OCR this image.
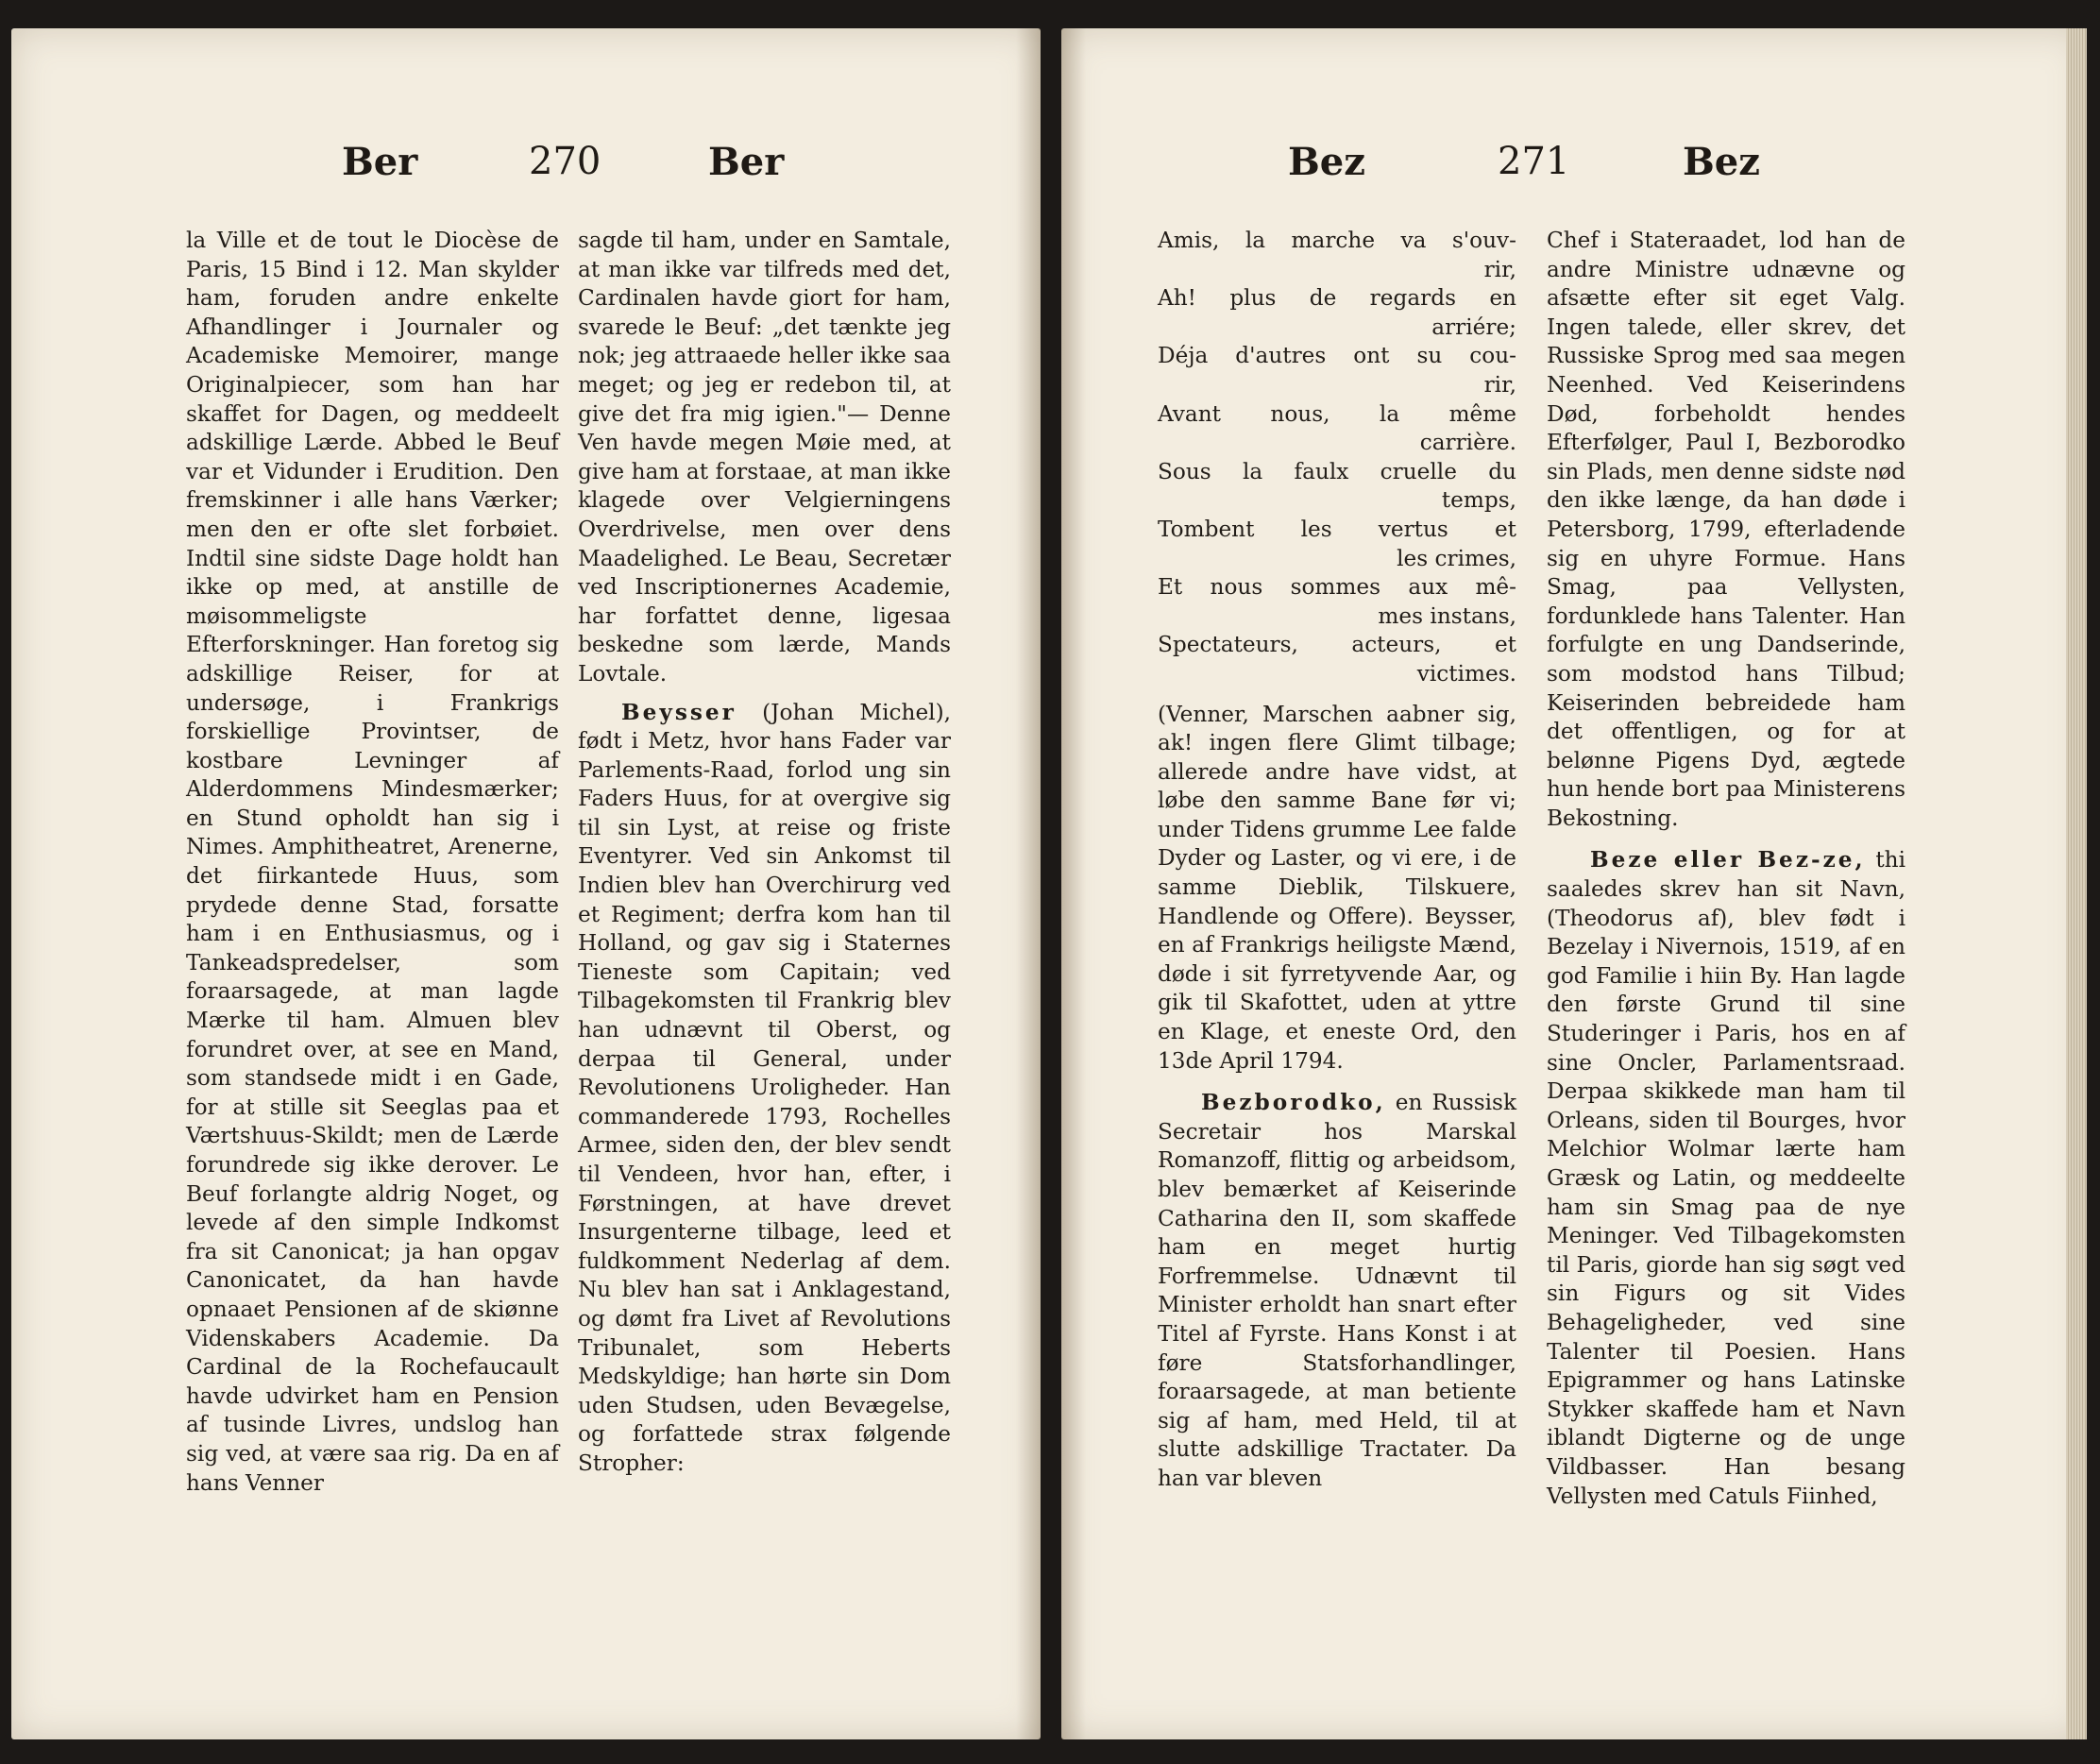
Ber	270	Ber

la Ville et de tout le Diocèse de Paris, 15 Bind i 12. Man skylder ham, foruden andre enkelte Afhandlinger i Journaler og Academiske Memoirer, mange Originalpiecer, som han har skaffet for Dagen, og meddeelt adskillige Lærde. Abbed le Beuf var et Vidunder i Erudition. Den fremskinner i alle hans Værker; men den er ofte slet forbøiet. Indtil sine sidste Dage holdt han ikke op med, at anstille de møisommeligste Efterforskninger. Han foretog sig adskillige Reiser, for at undersøge, i Frankrigs forskiellige Provintser, de kostbare Levninger af Alderdommens Mindesmærker; en Stund opholdt han sig i Nimes. Amphitheatret, Arenerne, det fiirkantede Huus, som prydede denne Stad, forsatte ham i en Enthusiasmus, og i Tankeadspredelser, som foraarsagede, at man lagde Mærke til ham. Almuen blev forundret over, at see en Mand, som standsede midt i en Gade, for at stille sit Seeglas paa et Værtshuus-Skildt; men de Lærde forundrede sig ikke derover. Le Beuf forlangte aldrig Noget, og levede af den simple Indkomst fra sit Canonicat; ja han opgav Canonicatet, da han havde opnaaet Pensionen af de skiønne Videnskabers Academie. Da Cardinal de la Rochefaucault havde udvirket ham en Pension af tusinde Livres, undslog han sig ved, at være saa rig. Da en af hans Venner

sagde til ham, under en Samtale, at man ikke var tilfreds med det, Cardinalen havde giort for ham, svarede le Beuf: „det tænkte jeg nok; jeg attraaede heller ikke saa meget; og jeg er redebon til, at give det fra mig igien."— Denne Ven havde megen Møie med, at give ham at forstaae, at man ikke klagede over Velgierningens Overdrivelse, men over dens Maadelighed. Le Beau, Secretær ved Inscriptionernes Academie, har forfattet denne, ligesaa beskedne som lærde, Mands Lovtale.

Beysser (Johan Michel), født i Metz, hvor hans Fader var Parlements-Raad, forlod ung sin Faders Huus, for at overgive sig til sin Lyst, at reise og friste Eventyrer. Ved sin Ankomst til Indien blev han Overchirurg ved et Regiment; derfra kom han til Holland, og gav sig i Staternes Tieneste som Capitain; ved Tilbagekomsten til Frankrig blev han udnævnt til Oberst, og derpaa til General, under Revolutionens Uroligheder. Han commanderede 1793, Rochelles Armee, siden den, der blev sendt til Vendeen, hvor han, efter, i Førstningen, at have drevet Insurgenterne tilbage, leed et fuldkomment Nederlag af dem. Nu blev han sat i Anklagestand, og dømt fra Livet af Revolutions Tribunalet, som Heberts Medskyldige; han hørte sin Dom uden Studsen, uden Bevægelse, og forfattede strax følgende Stropher:

Bez	271	Bez
Amis, la marche va s'ouv-
rir,
Ah! plus de regards en
arriére;
Déja d'autres ont su cou-
rir,
Avant nous, la même
carrière.
Sous la faulx cruelle du
temps,
Tombent les vertus et
les crimes,
Et nous sommes aux mê-
mes instans,
Spectateurs, acteurs, et
victimes.

(Venner, Marschen aabner sig, ak! ingen flere Glimt tilbage; allerede andre have vidst, at løbe den samme Bane før vi; under Tidens grumme Lee falde Dyder og Laster, og vi ere, i de samme Dieblik, Tilskuere, Handlende og Offere). Beysser, en af Frankrigs heiligste Mænd, døde i sit fyrretyvende Aar, og gik til Skafottet, uden at yttre en Klage, et eneste Ord, den 13de April 1794.

Bezborodko, en Russisk Secretair hos Marskal Romanzoff, flittig og arbeidsom, blev bemærket af Keiserinde Catharina den II, som skaffede ham en meget hurtig Forfremmelse. Udnævnt til Minister erholdt han snart efter Titel af Fyrste. Hans Konst i at føre Statsforhandlinger, foraarsagede, at man betiente sig af ham, med Held, til at slutte adskillige Tractater. Da han var bleven

Chef i Stateraadet, lod han de andre Ministre udnævne og afsætte efter sit eget Valg. Ingen talede, eller skrev, det Russiske Sprog med saa megen Neenhed. Ved Keiserindens Død, forbeholdt hendes Efterfølger, Paul I, Bezborodko sin Plads, men denne sidste nød den ikke længe, da han døde i Petersborg, 1799, efterladende sig en uhyre Formue. Hans Smag, paa Vellysten, fordunklede hans Talenter. Han forfulgte en ung Dandserinde, som modstod hans Tilbud; Keiserinden bebreidede ham det offentligen, og for at belønne Pigens Dyd, ægtede hun hende bort paa Ministerens Bekostning.

Beze eller Bez-ze, thi saaledes skrev han sit Navn, (Theodorus af), blev født i Bezelay i Nivernois, 1519, af en god Familie i hiin By. Han lagde den første Grund til sine Studeringer i Paris, hos en af sine Oncler, Parlamentsraad. Derpaa skikkede man ham til Orleans, siden til Bourges, hvor Melchior Wolmar lærte ham Græsk og Latin, og meddeelte ham sin Smag paa de nye Meninger. Ved Tilbagekomsten til Paris, giorde han sig søgt ved sin Figurs og sit Vides Behageligheder, ved sine Talenter til Poesien. Hans Epigrammer og hans Latinske Stykker skaffede ham et Navn iblandt Digterne og de unge Vildbasser. Han besang Vellysten med Catuls Fiinhed,
